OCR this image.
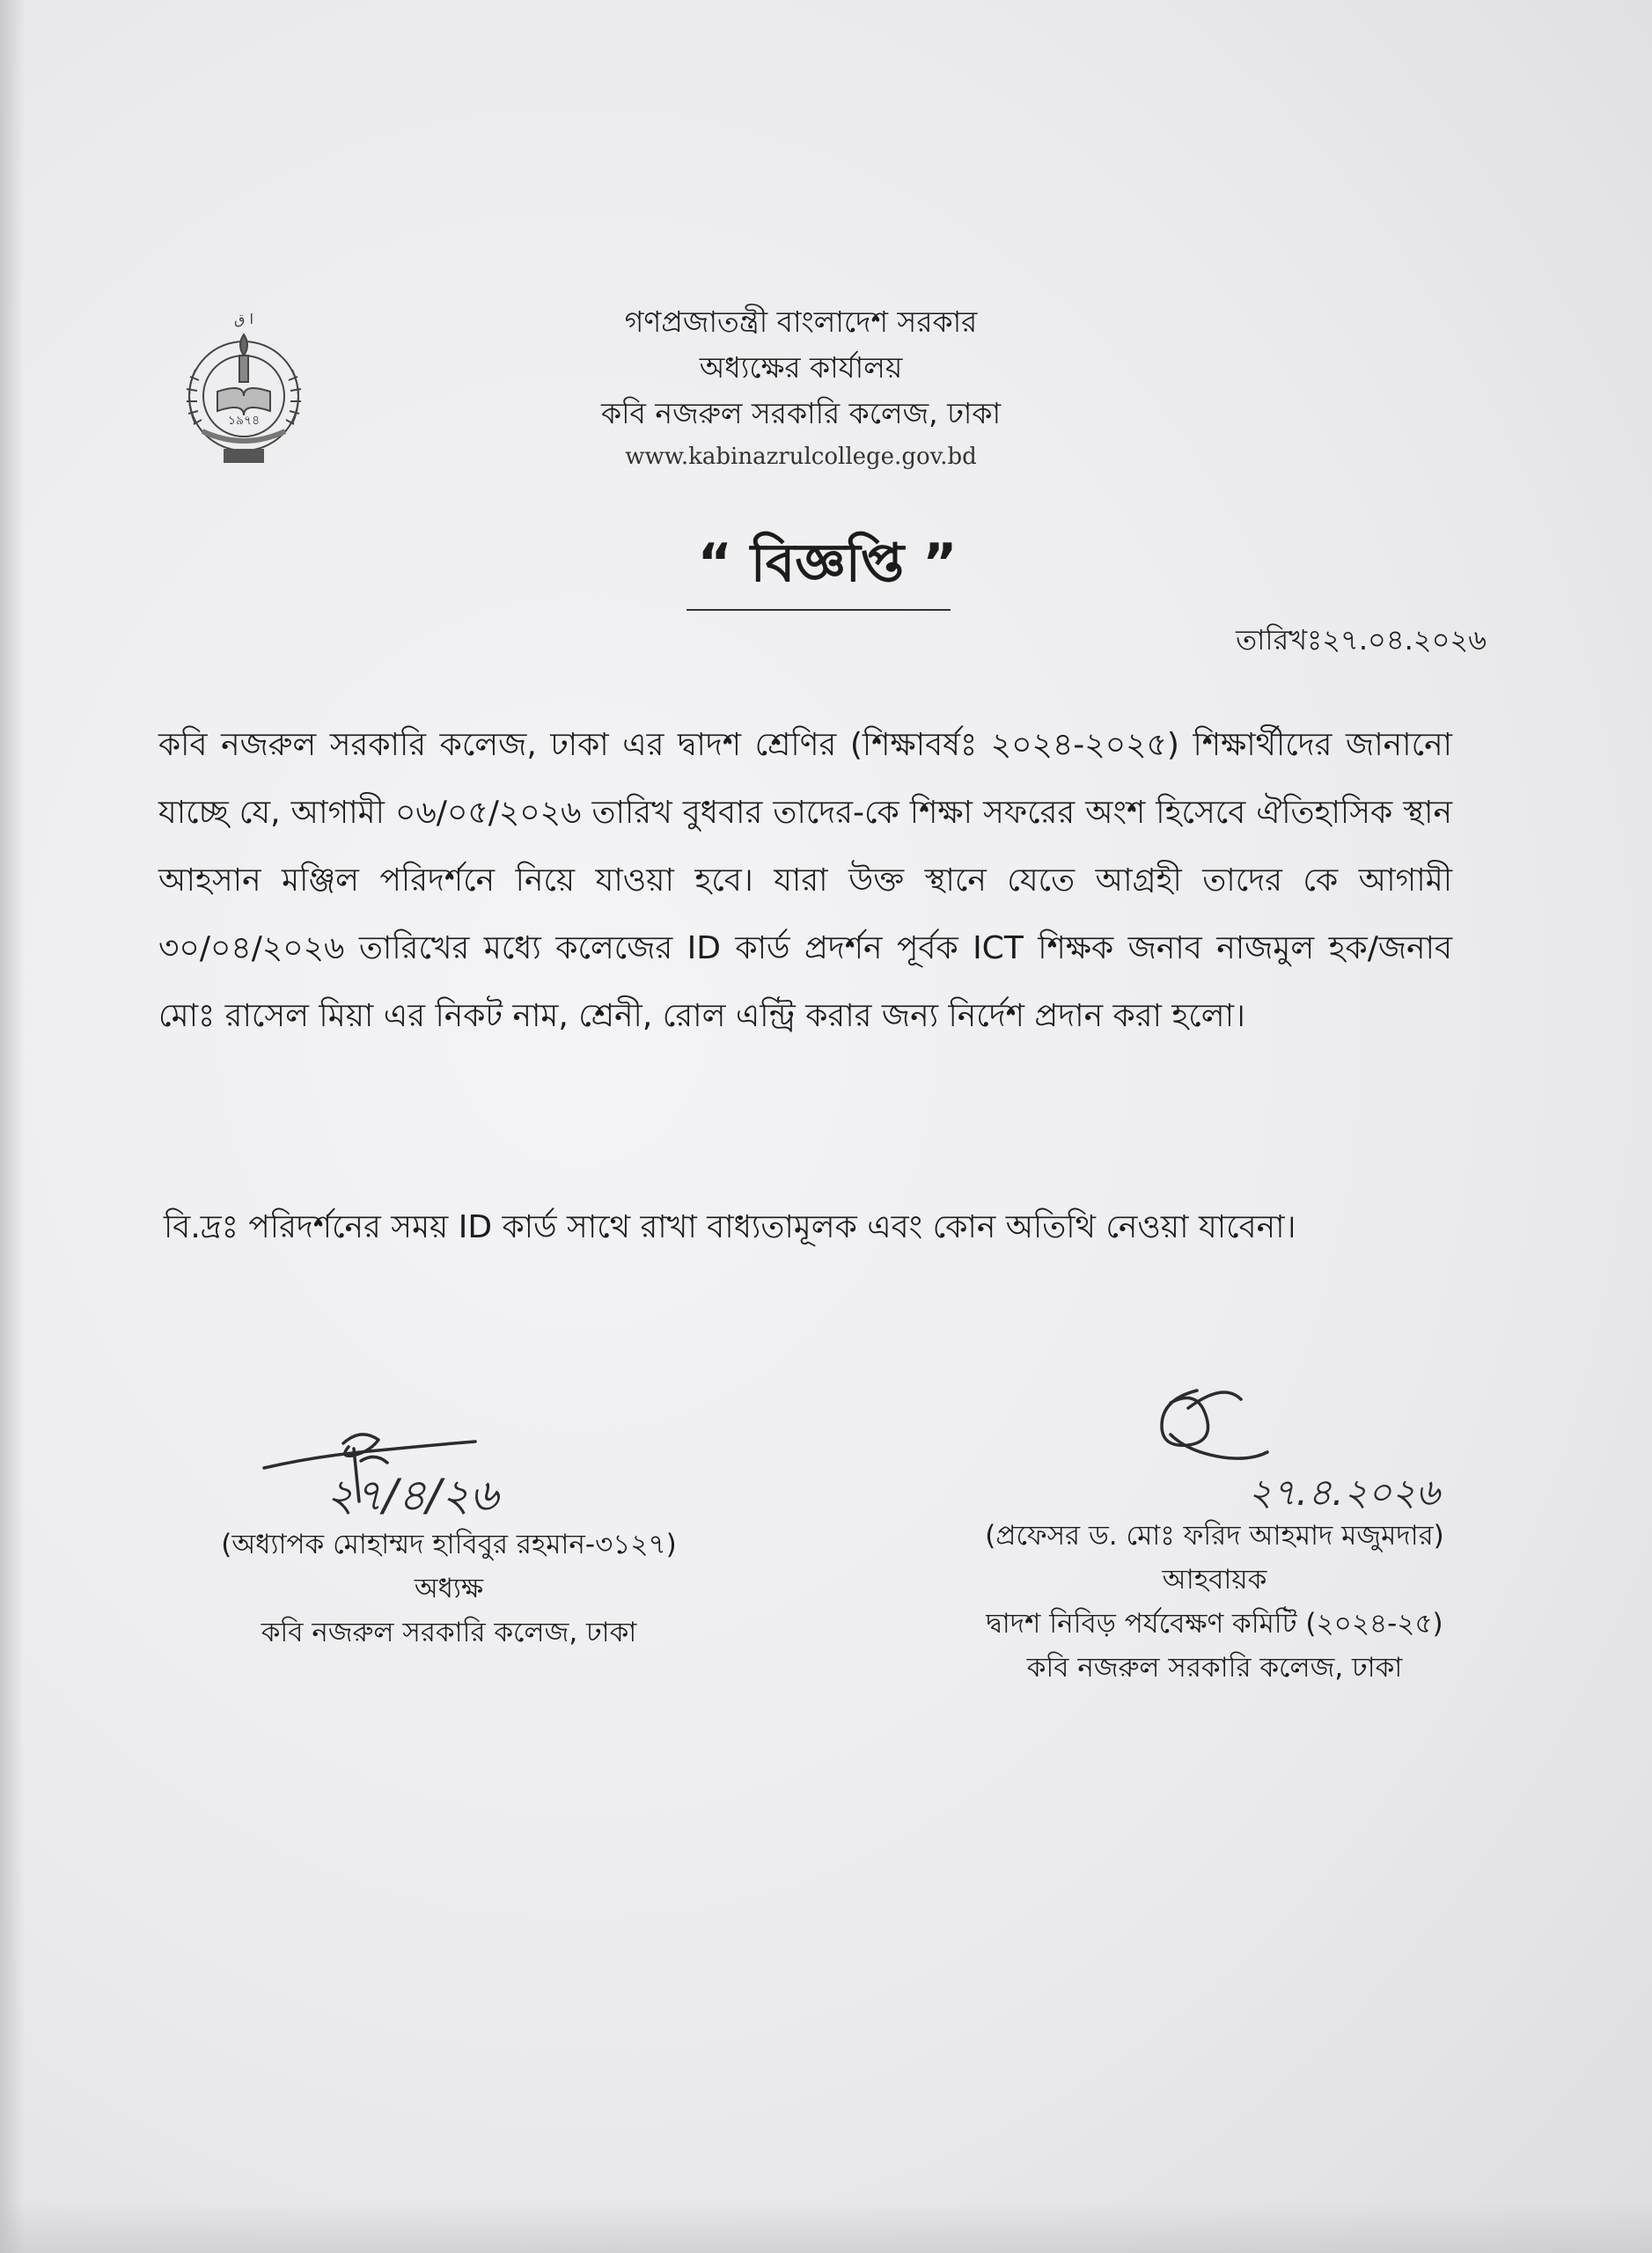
১৯৭৪
ا ق	গণপ্রজাতন্ত্রী বাংলাদেশ সরকার
অধ্যক্ষের কার্যালয়
কবি নজরুল সরকারি কলেজ, ঢাকা
www.kabinazrulcollege.gov.bd
“ বিজ্ঞপ্তি ”
তারিখঃ২৭.০৪.২০২৬
কবি নজরুল সরকারি কলেজ, ঢাকা এর দ্বাদশ শ্রেণির (শিক্ষাবর্ষঃ ২০২৪-২০২৫) শিক্ষার্থীদের জানানো যাচ্ছে যে, আগামী ০৬/০৫/২০২৬ তারিখ বুধবার তাদের-কে শিক্ষা সফরের অংশ হিসেবে ঐতিহাসিক স্থান আহসান মঞ্জিল পরিদর্শনে নিয়ে যাওয়া হবে। যারা উক্ত স্থানে যেতে আগ্রহী তাদের কে আগামী ৩০/০৪/২০২৬ তারিখের মধ্যে কলেজের ID কার্ড প্রদর্শন পূর্বক ICT শিক্ষক জনাব নাজমুল হক/জনাব মোঃ রাসেল মিয়া এর নিকট নাম, শ্রেনী, রোল এন্ট্রি করার জন্য নির্দেশ প্রদান করা হলো।
বি.দ্রঃ পরিদর্শনের সময় ID কার্ড সাথে রাখা বাধ্যতামূলক এবং কোন অতিথি নেওয়া যাবেনা।
২৭/৪/২৬	২৭.৪.২০২৬
(অধ্যাপক মোহাম্মদ হাবিবুর রহমান-৩১২৭)
অধ্যক্ষ
কবি নজরুল সরকারি কলেজ, ঢাকা
(প্রফেসর ড. মোঃ ফরিদ আহমাদ মজুমদার)
আহবায়ক
দ্বাদশ নিবিড় পর্যবেক্ষণ কমিটি (২০২৪-২৫)
কবি নজরুল সরকারি কলেজ, ঢাকা
